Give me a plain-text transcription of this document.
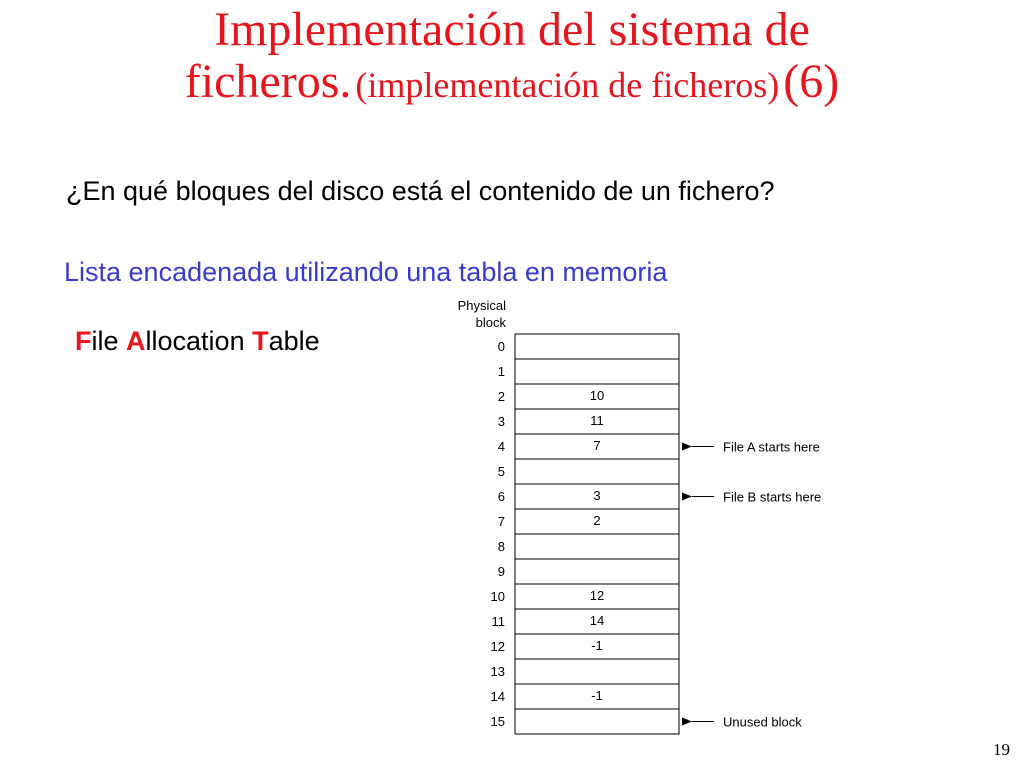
Implementación del sistema de
ficheros. (implementación de ficheros) (6)
¿En qué bloques del disco está el contenido de un fichero?
Lista encadenada utilizando una tabla en memoria
File Allocation Table
Physical
block
0
1
2	10
3	11
4	7
5
6	3
7	2
8
9
10	12
11	14
12	-1
13
14	-1
15
File A starts here
File B starts here
Unused block
19
